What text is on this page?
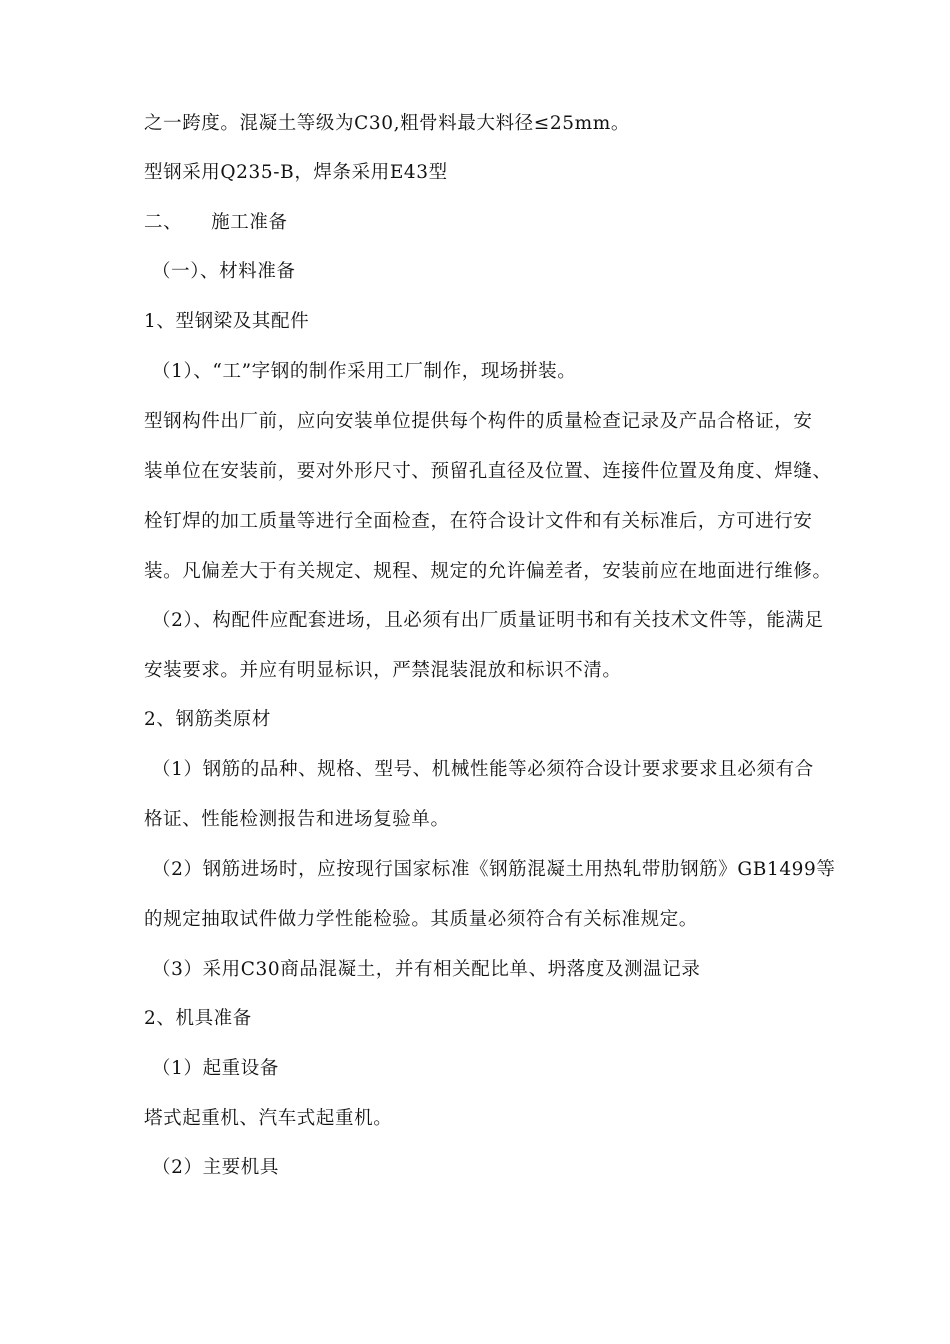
之一跨度。混凝土等级为C30,粗骨料最大料径≤25mm。
型钢采用Q235-B，焊条采用E43型
二、　　施工准备
（一）、材料准备
1、型钢梁及其配件
（1）、“工”字钢的制作采用工厂制作，现场拼装。
型钢构件出厂前，应向安装单位提供每个构件的质量检查记录及产品合格证，安
装单位在安装前，要对外形尺寸、预留孔直径及位置、连接件位置及角度、焊缝、
栓钉焊的加工质量等进行全面检查，在符合设计文件和有关标准后，方可进行安
装。凡偏差大于有关规定、规程、规定的允许偏差者，安装前应在地面进行维修。
（2）、构配件应配套进场，且必须有出厂质量证明书和有关技术文件等，能满足
安装要求。并应有明显标识，严禁混装混放和标识不清。
2、钢筋类原材
（1）钢筋的品种、规格、型号、机械性能等必须符合设计要求要求且必须有合
格证、性能检测报告和进场复验单。
（2）钢筋进场时，应按现行国家标准《钢筋混凝土用热轧带肋钢筋》GB1499等
的规定抽取试件做力学性能检验。其质量必须符合有关标准规定。
（3）采用C30商品混凝土，并有相关配比单、坍落度及测温记录
2、机具准备
（1）起重设备
塔式起重机、汽车式起重机。
（2）主要机具
